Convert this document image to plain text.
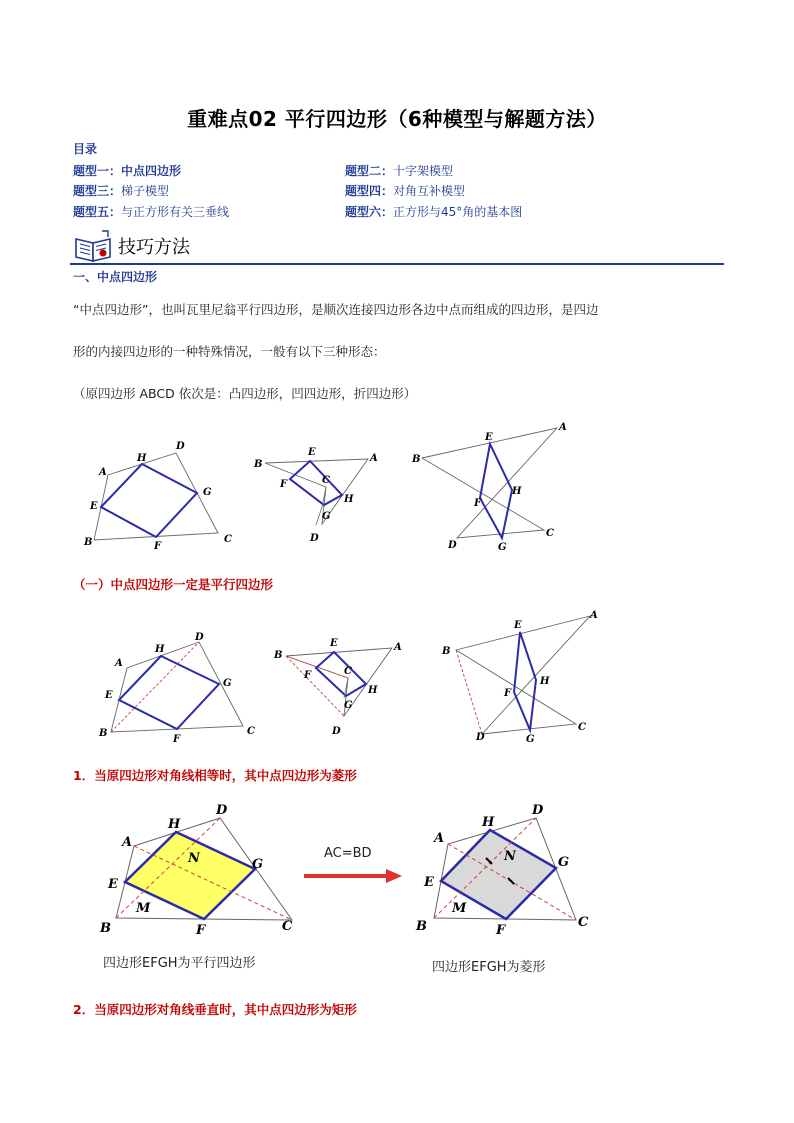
重难点02 平行四边形（6种模型与解题方法）
目录
题型一：中点四边形	题型二：十字架模型
题型三：梯子模型	题型四：对角互补模型
题型五：与正方形有关三垂线	题型六：正方形与45°角的基本图
技巧方法
一、中点四边形
“中点四边形”，也叫瓦里尼翁平行四边形，是顺次连接四边形各边中点而组成的四边形，是四边
形的内接四边形的一种特殊情况，一般有以下三种形态：
（原四边形 ABCD 依次是：凸四边形，凹四边形，折四边形）
A
H
D
E
G
B	F
C
B
E
A
F	C
H
G
D
B
E
A
F
H
D	G
C
（一）中点四边形一定是平行四边形
A
H
D
E
G
B
F
C
B
E	A
F	C
H
G
D
B
E
A
F
H
D	G
C
1．当原四边形对角线相等时，其中点四边形为菱形
A
H
D
N
E
G
M
B	F	C
四边形EFGH为平行四边形
AC=BD
A
H
D
N
E
G
M
B	F
C
四边形EFGH为菱形
2．当原四边形对角线垂直时，其中点四边形为矩形
